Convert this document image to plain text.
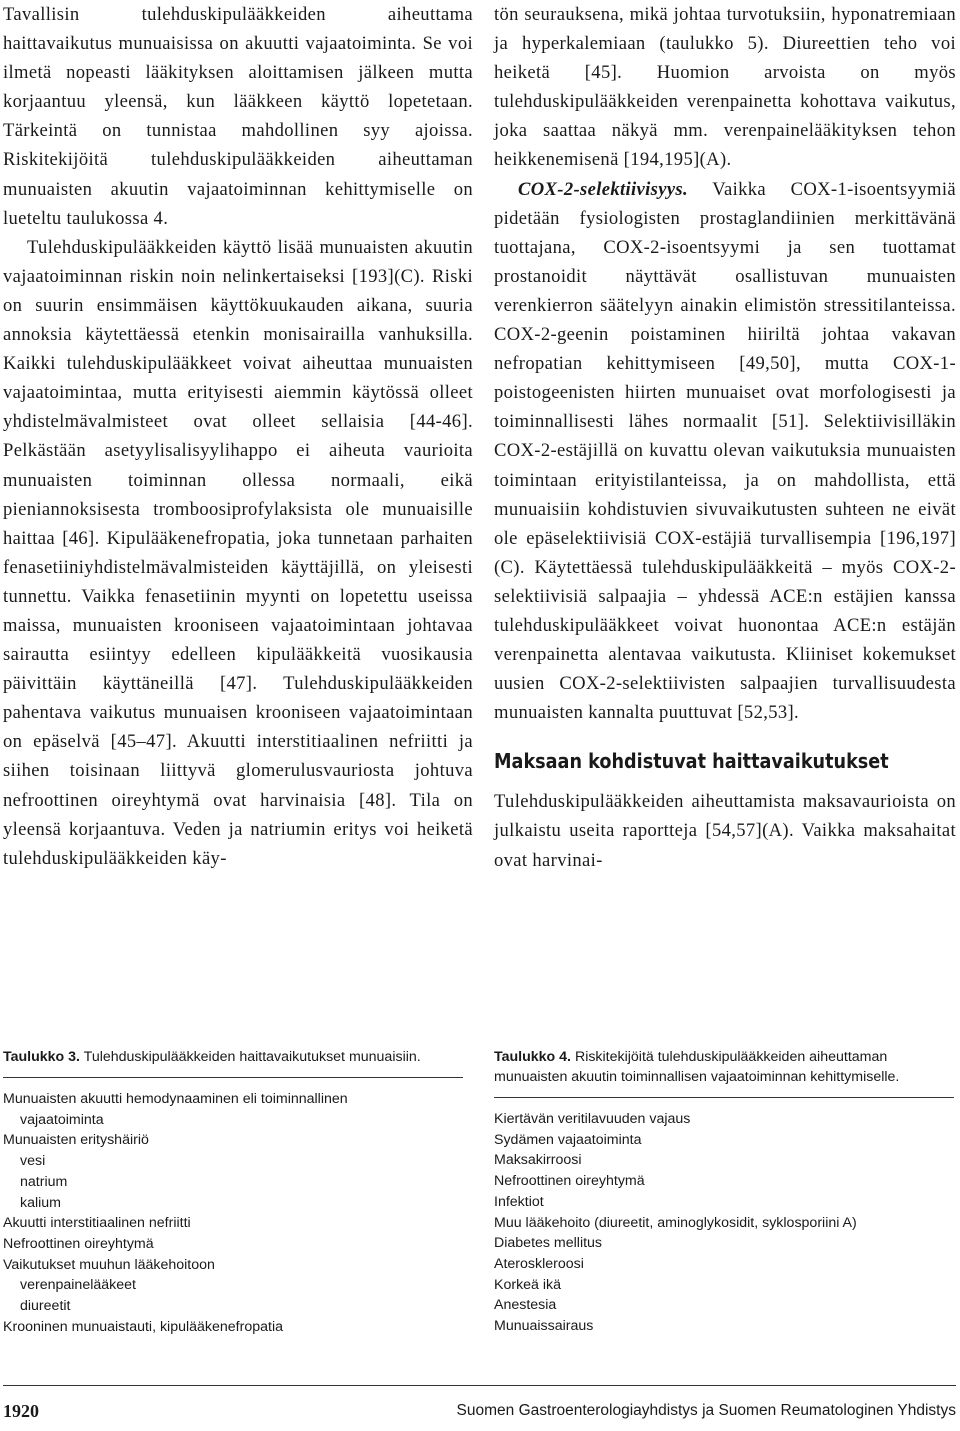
Tavallisin tulehduskipulääkkeiden aiheuttama haittavaikutus munuaisissa on akuutti vajaatoiminta. Se voi ilmetä nopeasti lääkityksen aloittamisen jälkeen mutta korjaantuu yleensä, kun lääkkeen käyttö lopetetaan. Tärkeintä on tunnistaa mahdollinen syy ajoissa. Riskitekijöitä tulehduskipulääkkeiden aiheuttaman munuaisten akuutin vajaatoiminnan kehittymiselle on lueteltu taulukossa 4.

Tulehduskipulääkkeiden käyttö lisää munuaisten akuutin vajaatoiminnan riskin noin nelinkertaiseksi [193](C). Riski on suurin ensimmäisen käyttökuukauden aikana, suuria annoksia käytettäessä etenkin monisairailla vanhuksilla. Kaikki tulehduskipulääkkeet voivat aiheuttaa munuaisten vajaatoimintaa, mutta erityisesti aiemmin käytössä olleet yhdistelmävalmisteet ovat olleet sellaisia [44-46]. Pelkästään asetyylisalisyylihappo ei aiheuta vaurioita munuaisten toiminnan ollessa normaali, eikä pieniannoksisesta tromboosiprofylaksista ole munuaisille haittaa [46]. Kipulääkenefropatia, joka tunnetaan parhaiten fenasetiiniyhdistelmävalmisteiden käyttäjillä, on yleisesti tunnettu. Vaikka fenasetiinin myynti on lopetettu useissa maissa, munuaisten krooniseen vajaatoimintaan johtavaa sairautta esiintyy edelleen kipulääkkeitä vuosikausia päivittäin käyttäneillä [47]. Tulehduskipulääkkeiden pahentava vaikutus munuaisen krooniseen vajaatoimintaan on epäselvä [45–47]. Akuutti interstitiaalinen nefriitti ja siihen toisinaan liittyvä glomerulusvauriosta johtuva nefroottinen oireyhtymä ovat harvinaisia [48]. Tila on yleensä korjaantuva. Veden ja natriumin eritys voi heiketä tulehduskipulääkkeiden käy-

tön seurauksena, mikä johtaa turvotuksiin, hyponatremiaan ja hyperkalemiaan (taulukko 5). Diureettien teho voi heiketä [45]. Huomion arvoista on myös tulehduskipulääkkeiden verenpainetta kohottava vaikutus, joka saattaa näkyä mm. verenpainelääkityksen tehon heikkenemisenä [194,195](A).

COX-2-selektiivisyys. Vaikka COX-1-isoentsyymiä pidetään fysiologisten prostaglandiinien merkittävänä tuottajana, COX-2-isoentsyymi ja sen tuottamat prostanoidit näyttävät osallistuvan munuaisten verenkierron säätelyyn ainakin elimistön stressitilanteissa. COX-2-geenin poistaminen hiiriltä johtaa vakavan nefropatian kehittymiseen [49,50], mutta COX-1-poistogeenisten hiirten munuaiset ovat morfologisesti ja toiminnallisesti lähes normaalit [51]. Selektiivisilläkin COX-2-estäjillä on kuvattu olevan vaikutuksia munuaisten toimintaan erityistilanteissa, ja on mahdollista, että munuaisiin kohdistuvien sivuvaikutusten suhteen ne eivät ole epäselektiivisiä COX-estäjiä turvallisempia [196,197](C). Käytettäessä tulehduskipulääkkeitä – myös COX-2-selektiivisiä salpaajia – yhdessä ACE:n estäjien kanssa tulehduskipulääkkeet voivat huonontaa ACE:n estäjän verenpainetta alentavaa vaikutusta. Kliiniset kokemukset uusien COX-2-selektiivisten salpaajien turvallisuudesta munuaisten kannalta puuttuvat [52,53].

Maksaan kohdistuvat haittavaikutukset

Tulehduskipulääkkeiden aiheuttamista maksavaurioista on julkaistu useita raportteja [54,57](A). Vaikka maksahaitat ovat harvinai-

Taulukko 3. Tulehduskipulääkkeiden haittavaikutukset munuaisiin.

Munuaisten akuutti hemodynaaminen eli toiminnallinen
vajaatoiminta
Munuaisten erityshäiriö
vesi
natrium
kalium
Akuutti interstitiaalinen nefriitti
Nefroottinen oireyhtymä
Vaikutukset muuhun lääkehoitoon
verenpainelääkeet
diureetit
Krooninen munuaistauti, kipulääkenefropatia

Taulukko 4. Riskitekijöitä tulehduskipulääkkeiden aiheuttaman munuaisten akuutin toiminnallisen vajaatoiminnan kehittymiselle.

Kiertävän veritilavuuden vajaus
Sydämen vajaatoiminta
Maksakirroosi
Nefroottinen oireyhtymä
Infektiot
Muu lääkehoito (diureetit, aminoglykosidit, syklosporiini A)
Diabetes mellitus
Ateroskleroosi
Korkeä ikä
Anestesia
Munuaissairaus
1920	Suomen Gastroenterologiayhdistys ja Suomen Reumatologinen Yhdistys
